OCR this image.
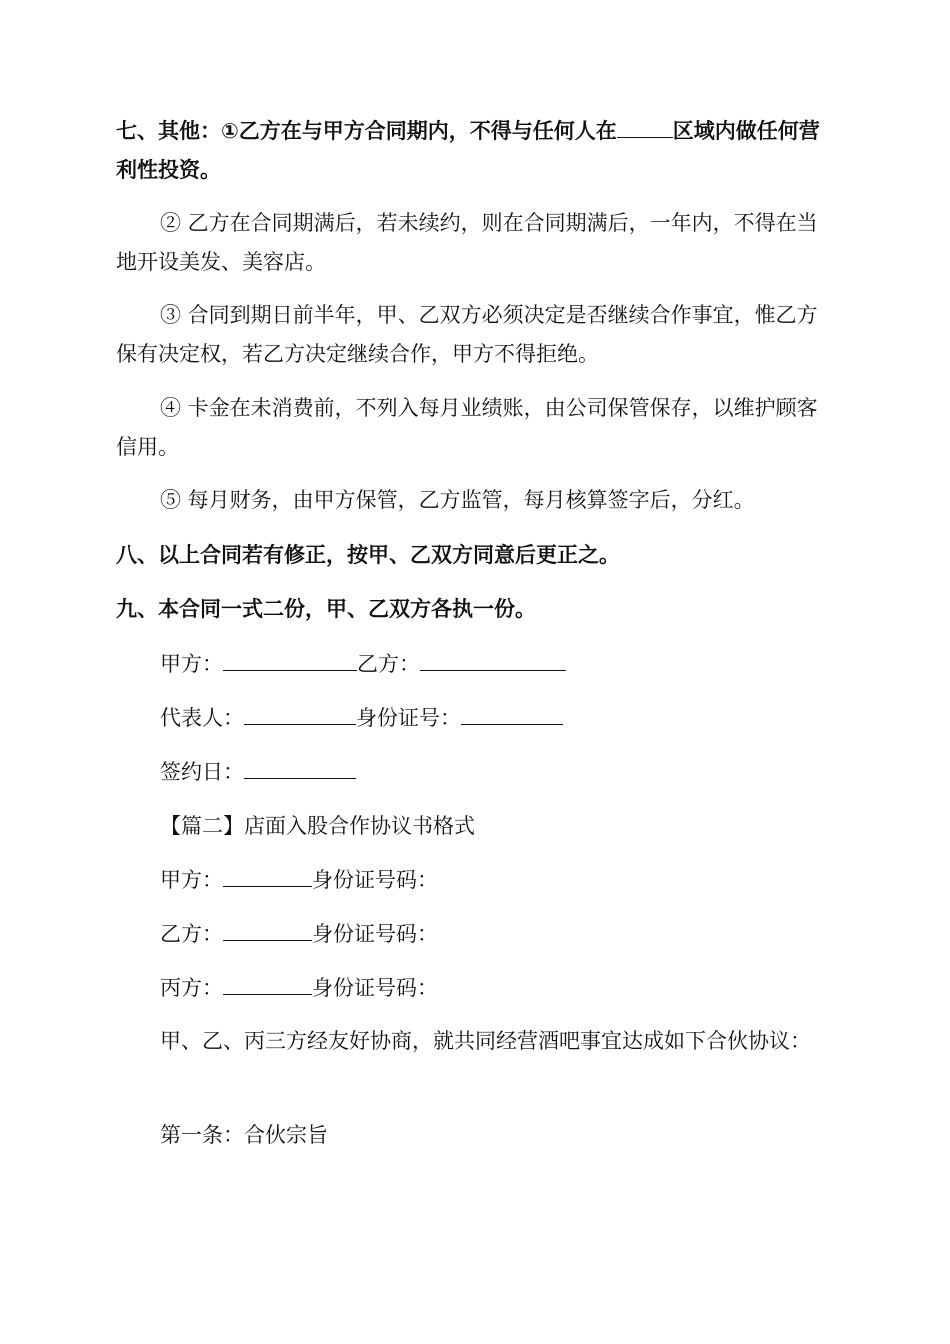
七、其他：①乙方在与甲方合同期内，不得与任何人在	区域内做任何营利性投资。
② 乙方在合同期满后，若未续约，则在合同期满后，一年内，不得在当地开设美发、美容店。
③ 合同到期日前半年，甲、乙双方必须决定是否继续合作事宜，惟乙方保有决定权，若乙方决定继续合作，甲方不得拒绝。
④ 卡金在未消费前，不列入每月业绩账，由公司保管保存，以维护顾客信用。
⑤ 每月财务，由甲方保管，乙方监管，每月核算签字后，分红。
八、以上合同若有修正，按甲、乙双方同意后更正之。
九、本合同一式二份，甲、乙双方各执一份。
甲方：	乙方：
代表人：	身份证号：
签约日：
【篇二】店面入股合作协议书格式
甲方：	身份证号码：
乙方：	身份证号码：
丙方：	身份证号码：
甲、乙、丙三方经友好协商，就共同经营酒吧事宜达成如下合伙协议：
第一条：合伙宗旨
